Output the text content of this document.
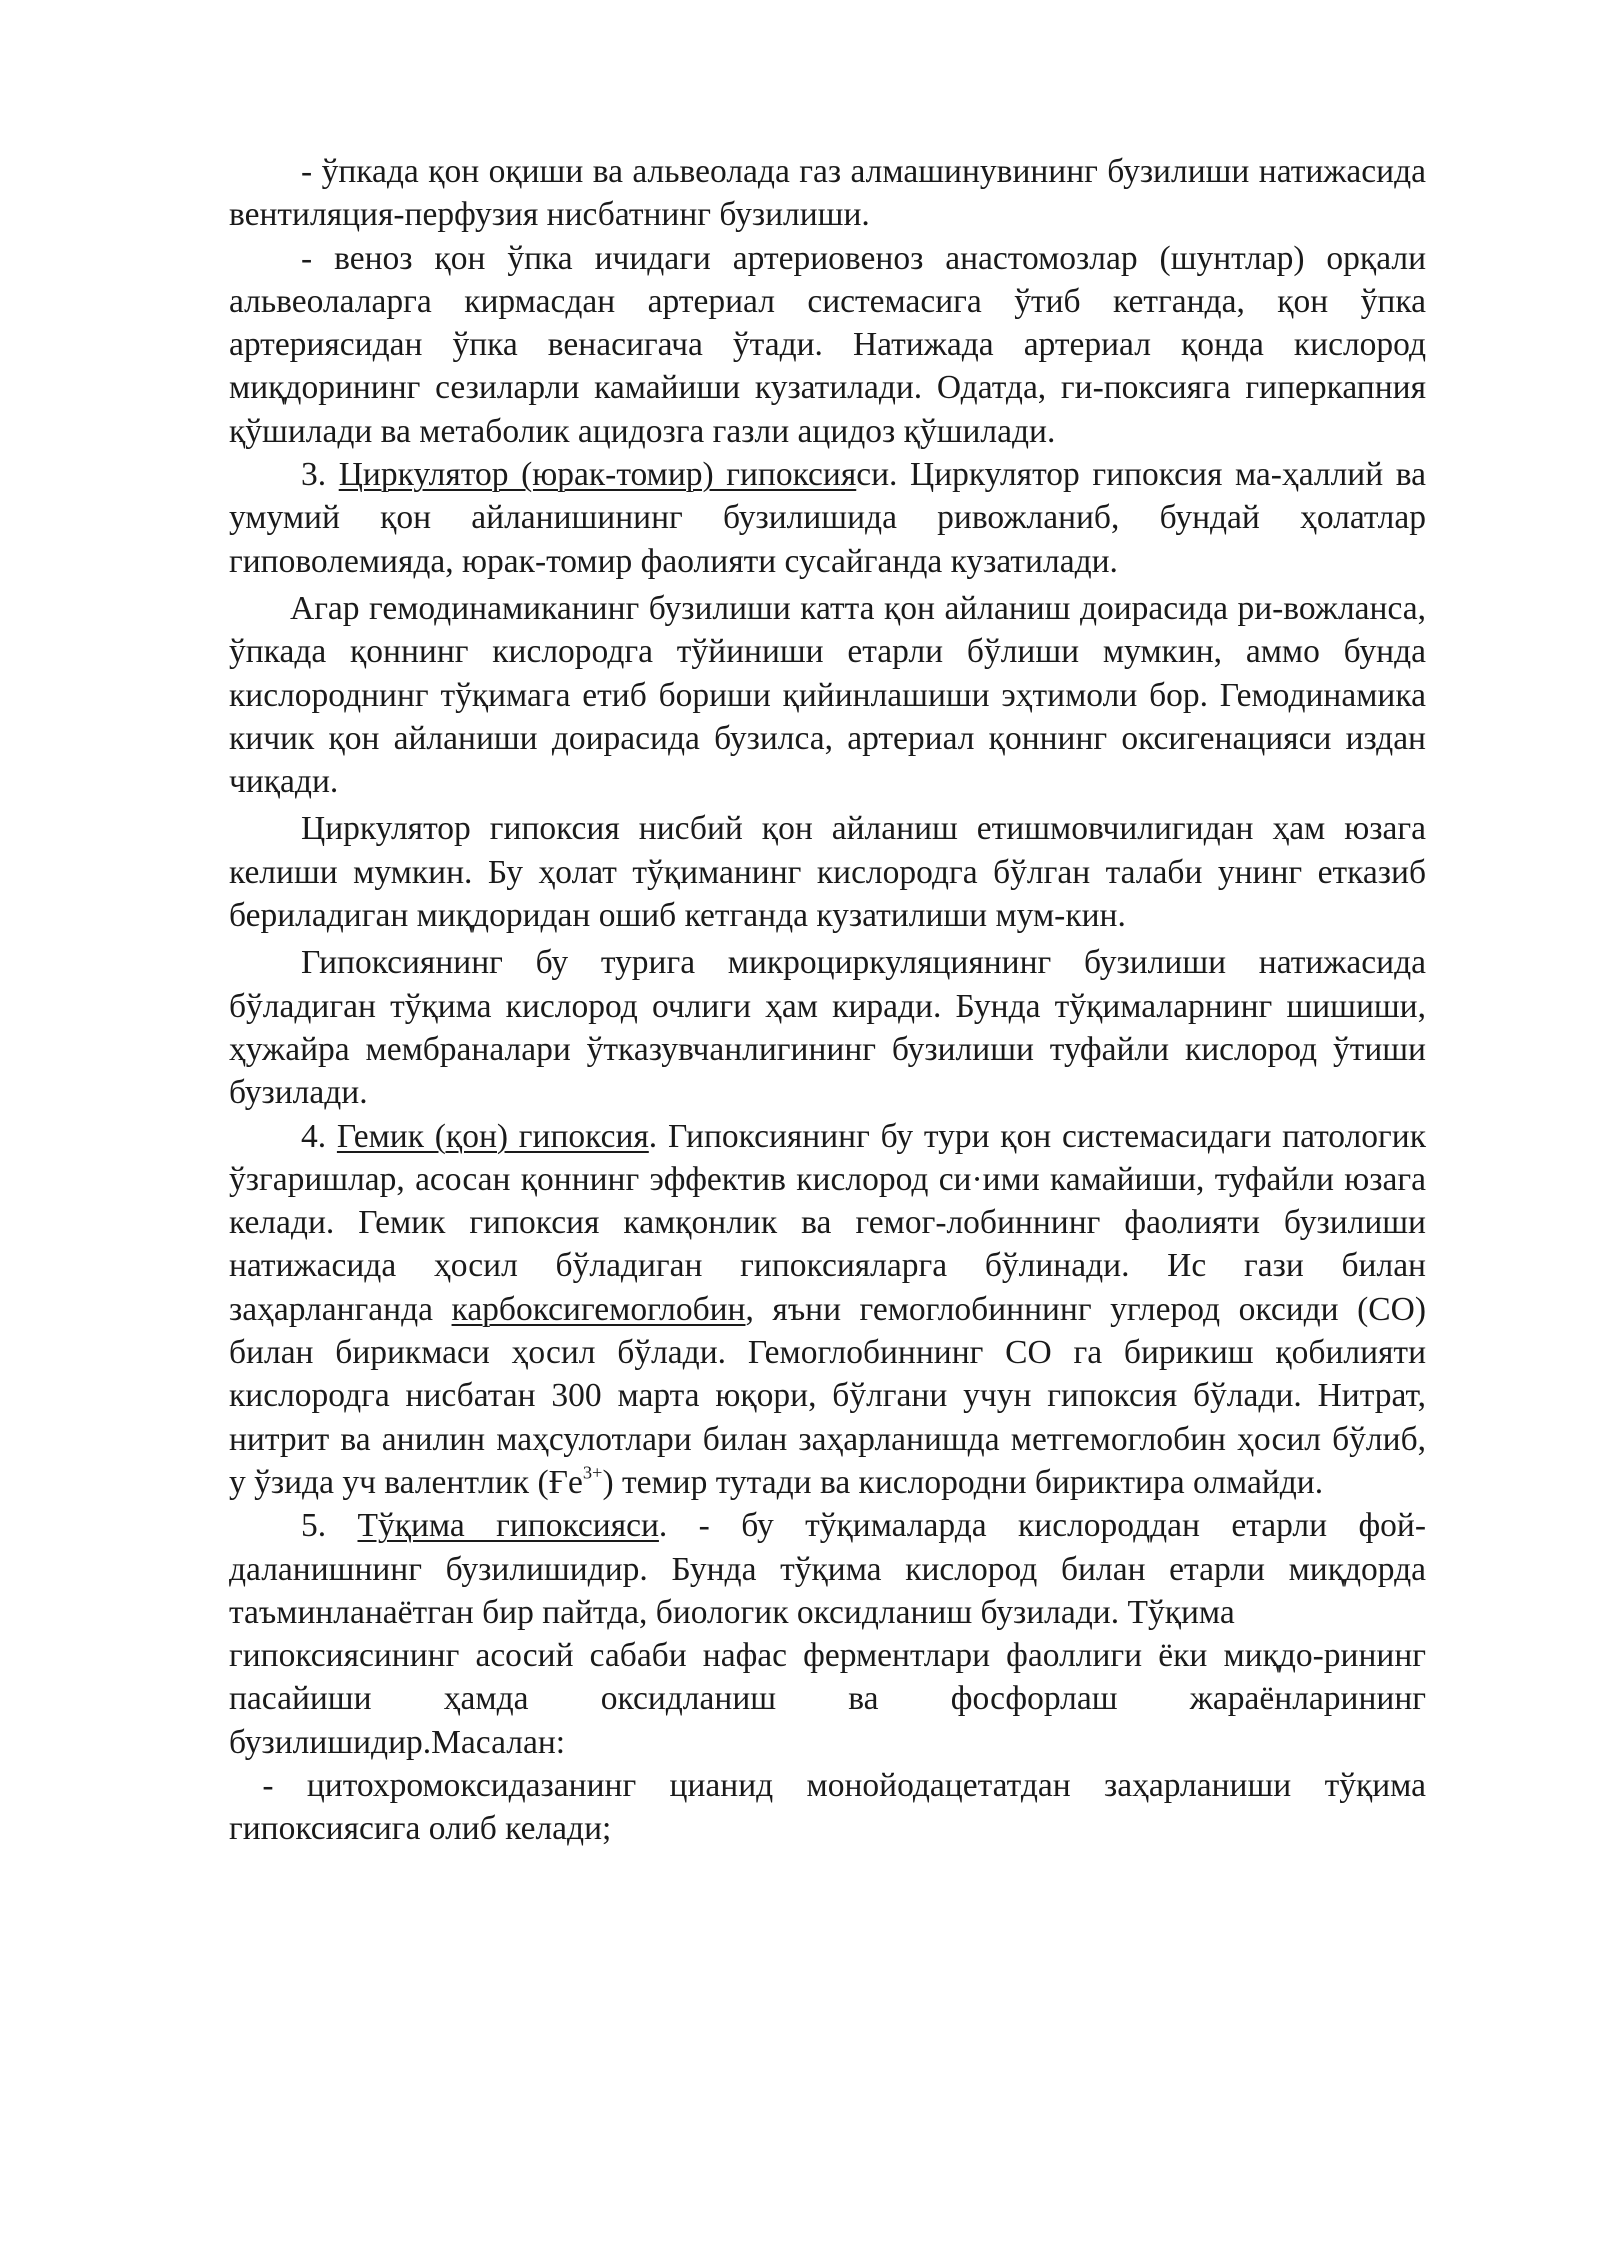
- ўпкада қон оқиши ва альвеолада газ алмашинувининг бузилиши натижасида вентиляция-перфузия нисбатнинг бузилиши.

- веноз қон ўпка ичидаги артериовеноз анастомозлар (шунтлар) орқали альвеолаларга кирмасдан артериал системасига ўтиб кетганда, қон ўпка артериясидан ўпка венасигача ўтади. Натижада артериал қонда кислород миқдорининг сезиларли камайиши кузатилади. Одатда, ги-поксияга гиперкапния қўшилади ва метаболик ацидозга газли ацидоз қўшилади.

3. Циркулятор (юрак-томир) гипоксияси. Циркулятор гипоксия ма-ҳаллий ва умумий қон айланишининг бузилишида ривожланиб, бундай ҳолатлар гиповолемияда, юрак-томир фаолияти сусайганда кузатилади.

Агар гемодинамиканинг бузилиши катта қон айланиш доирасида ри-вожланса, ўпкада қоннинг кислородга тўйиниши етарли бўлиши мумкин, аммо бунда кислороднинг тўқимага етиб бориши қийинлашиши эҳтимоли бор. Гемодинамика кичик қон айланиши доирасида бузилса, артериал қоннинг оксигенацияси издан чиқади.

Циркулятор гипоксия нисбий қон айланиш етишмовчилигидан ҳам юзага келиши мумкин. Бу ҳолат тўқиманинг кислородга бўлган талаби унинг етказиб бериладиган миқдоридан ошиб кетганда кузатилиши мум-кин.

Гипоксиянинг бу турига микроциркуляциянинг бузилиши натижасида бўладиган тўқима кислород очлиги ҳам киради. Бунда тўқималарнинг шишиши, ҳужайра мембраналари ўтказувчанлигининг бузилиши туфайли кислород ўтиши бузилади.

4. Гемик (қон) гипоксия. Гипоксиянинг бу тури қон системасидаги патологик ўзгаришлар, асосан қоннинг эффектив кислород си·ими камайиши, туфайли юзага келади. Гемик гипоксия камқонлик ва гемог-лобиннинг фаолияти бузилиши натижасида ҳосил бўладиган гипоксияларга бўлинади. Ис гази билан заҳарланганда карбоксигемоглобин, яъни гемоглобиннинг углерод оксиди (СО) билан бирикмаси ҳосил бўлади. Гемоглобиннинг СО га бирикиш қобилияти кислородга нисбатан 300 марта юқори, бўлгани учун гипоксия бўлади. Нитрат, нитрит ва анилин маҳсулотлари билан заҳарланишда метгемоглобин ҳосил бўлиб, у ўзида уч валентлик $(Ғе^{3+})$ темир тутади ва кислородни бириктира олмайди.

5. Тўқима гипоксияси. - бу тўқималарда кислороддан етарли фой-даланишнинг бузилишидир. Бунда тўқима кислород билан етарли миқдорда таъминланаётган бир пайтда, биологик оксидланиш бузилади. Тўқима

гипоксиясининг асосий сабаби нафас ферментлари фаоллиги ёки миқдо-рининг пасайиши ҳамда оксидланиш ва фосфорлаш жараёнларининг бузилишидир.Масалан:

- цитохромоксидазанинг цианид монойодацетатдан заҳарланиши тўқима гипоксиясига олиб келади;
